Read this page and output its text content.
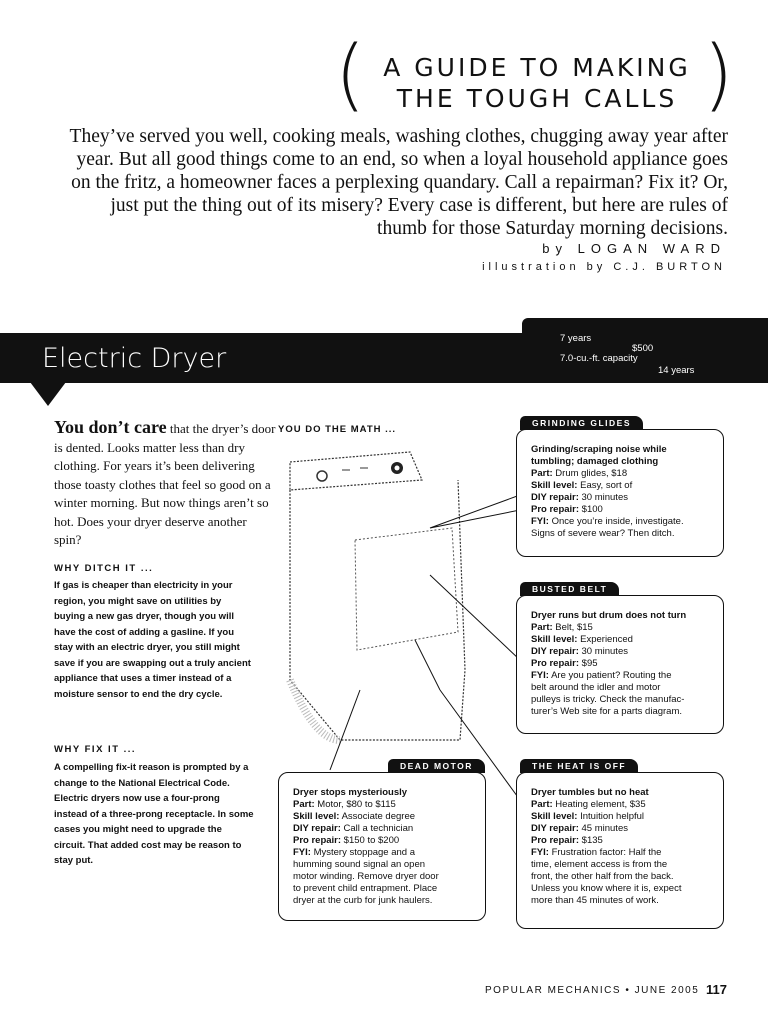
(	)
A GUIDE TO MAKING
THE TOUGH CALLS
They’ve served you well, cooking meals, washing clothes, chugging away year after year. But all good things come to an end, so when a loyal household appliance goes on the fritz, a homeowner faces a perplexing quandary. Call a repairman? Fix it? Or, just put the thing out of its misery? Every case is different, but here are rules of thumb for those Saturday morning decisions.
by LOGAN WARD
illustration by C.J. BURTON
Electric Dryer
7 years
$500
7.0-cu.-ft. capacity
14 years
You don’t care that the dryer’s door is dented. Looks matter less than dry clothing. For years it’s been delivering those toasty clothes that feel so good on a winter morning. But now things aren’t so hot. Does your dryer deserve another spin?
WHY DITCH IT ...
If gas is cheaper than electricity in your region, you might save on utilities by buying a new gas dryer, though you will have the cost of adding a gasline. If you stay with an electric dryer, you still might save if you are swapping out a truly ancient appliance that uses a timer instead of a moisture sensor to end the dry cycle.
WHY FIX IT ...
A compelling fix-it reason is prompted by a change to the National Electrical Code. Electric dryers now use a four-prong instead of a three-prong receptacle. In some cases you might need to upgrade the circuit. That added cost may be reason to stay put.
YOU DO THE MATH ...
GRINDING GLIDES
Grinding/scraping noise while
tumbling; damaged clothing
Part: Drum glides, $18
Skill level: Easy, sort of
DIY repair: 30 minutes
Pro repair: $100
FYI: Once you’re inside, investigate.
Signs of severe wear? Then ditch.
BUSTED BELT
Dryer runs but drum does not turn
Part: Belt, $15
Skill level: Experienced
DIY repair: 30 minutes
Pro repair: $95
FYI: Are you patient? Routing the
belt around the idler and motor
pulleys is tricky. Check the manufac-
turer’s Web site for a parts diagram.
DEAD MOTOR
Dryer stops mysteriously
Part: Motor, $80 to $115
Skill level: Associate degree
DIY repair: Call a technician
Pro repair: $150 to $200
FYI: Mystery stoppage and a
humming sound signal an open
motor winding. Remove dryer door
to prevent child entrapment. Place
dryer at the curb for junk haulers.
THE HEAT IS OFF
Dryer tumbles but no heat
Part: Heating element, $35
Skill level: Intuition helpful
DIY repair: 45 minutes
Pro repair: $135
FYI: Frustration factor: Half the
time, element access is from the
front, the other half from the back.
Unless you know where it is, expect
more than 45 minutes of work.
POPULAR MECHANICS • JUNE 2005 117
